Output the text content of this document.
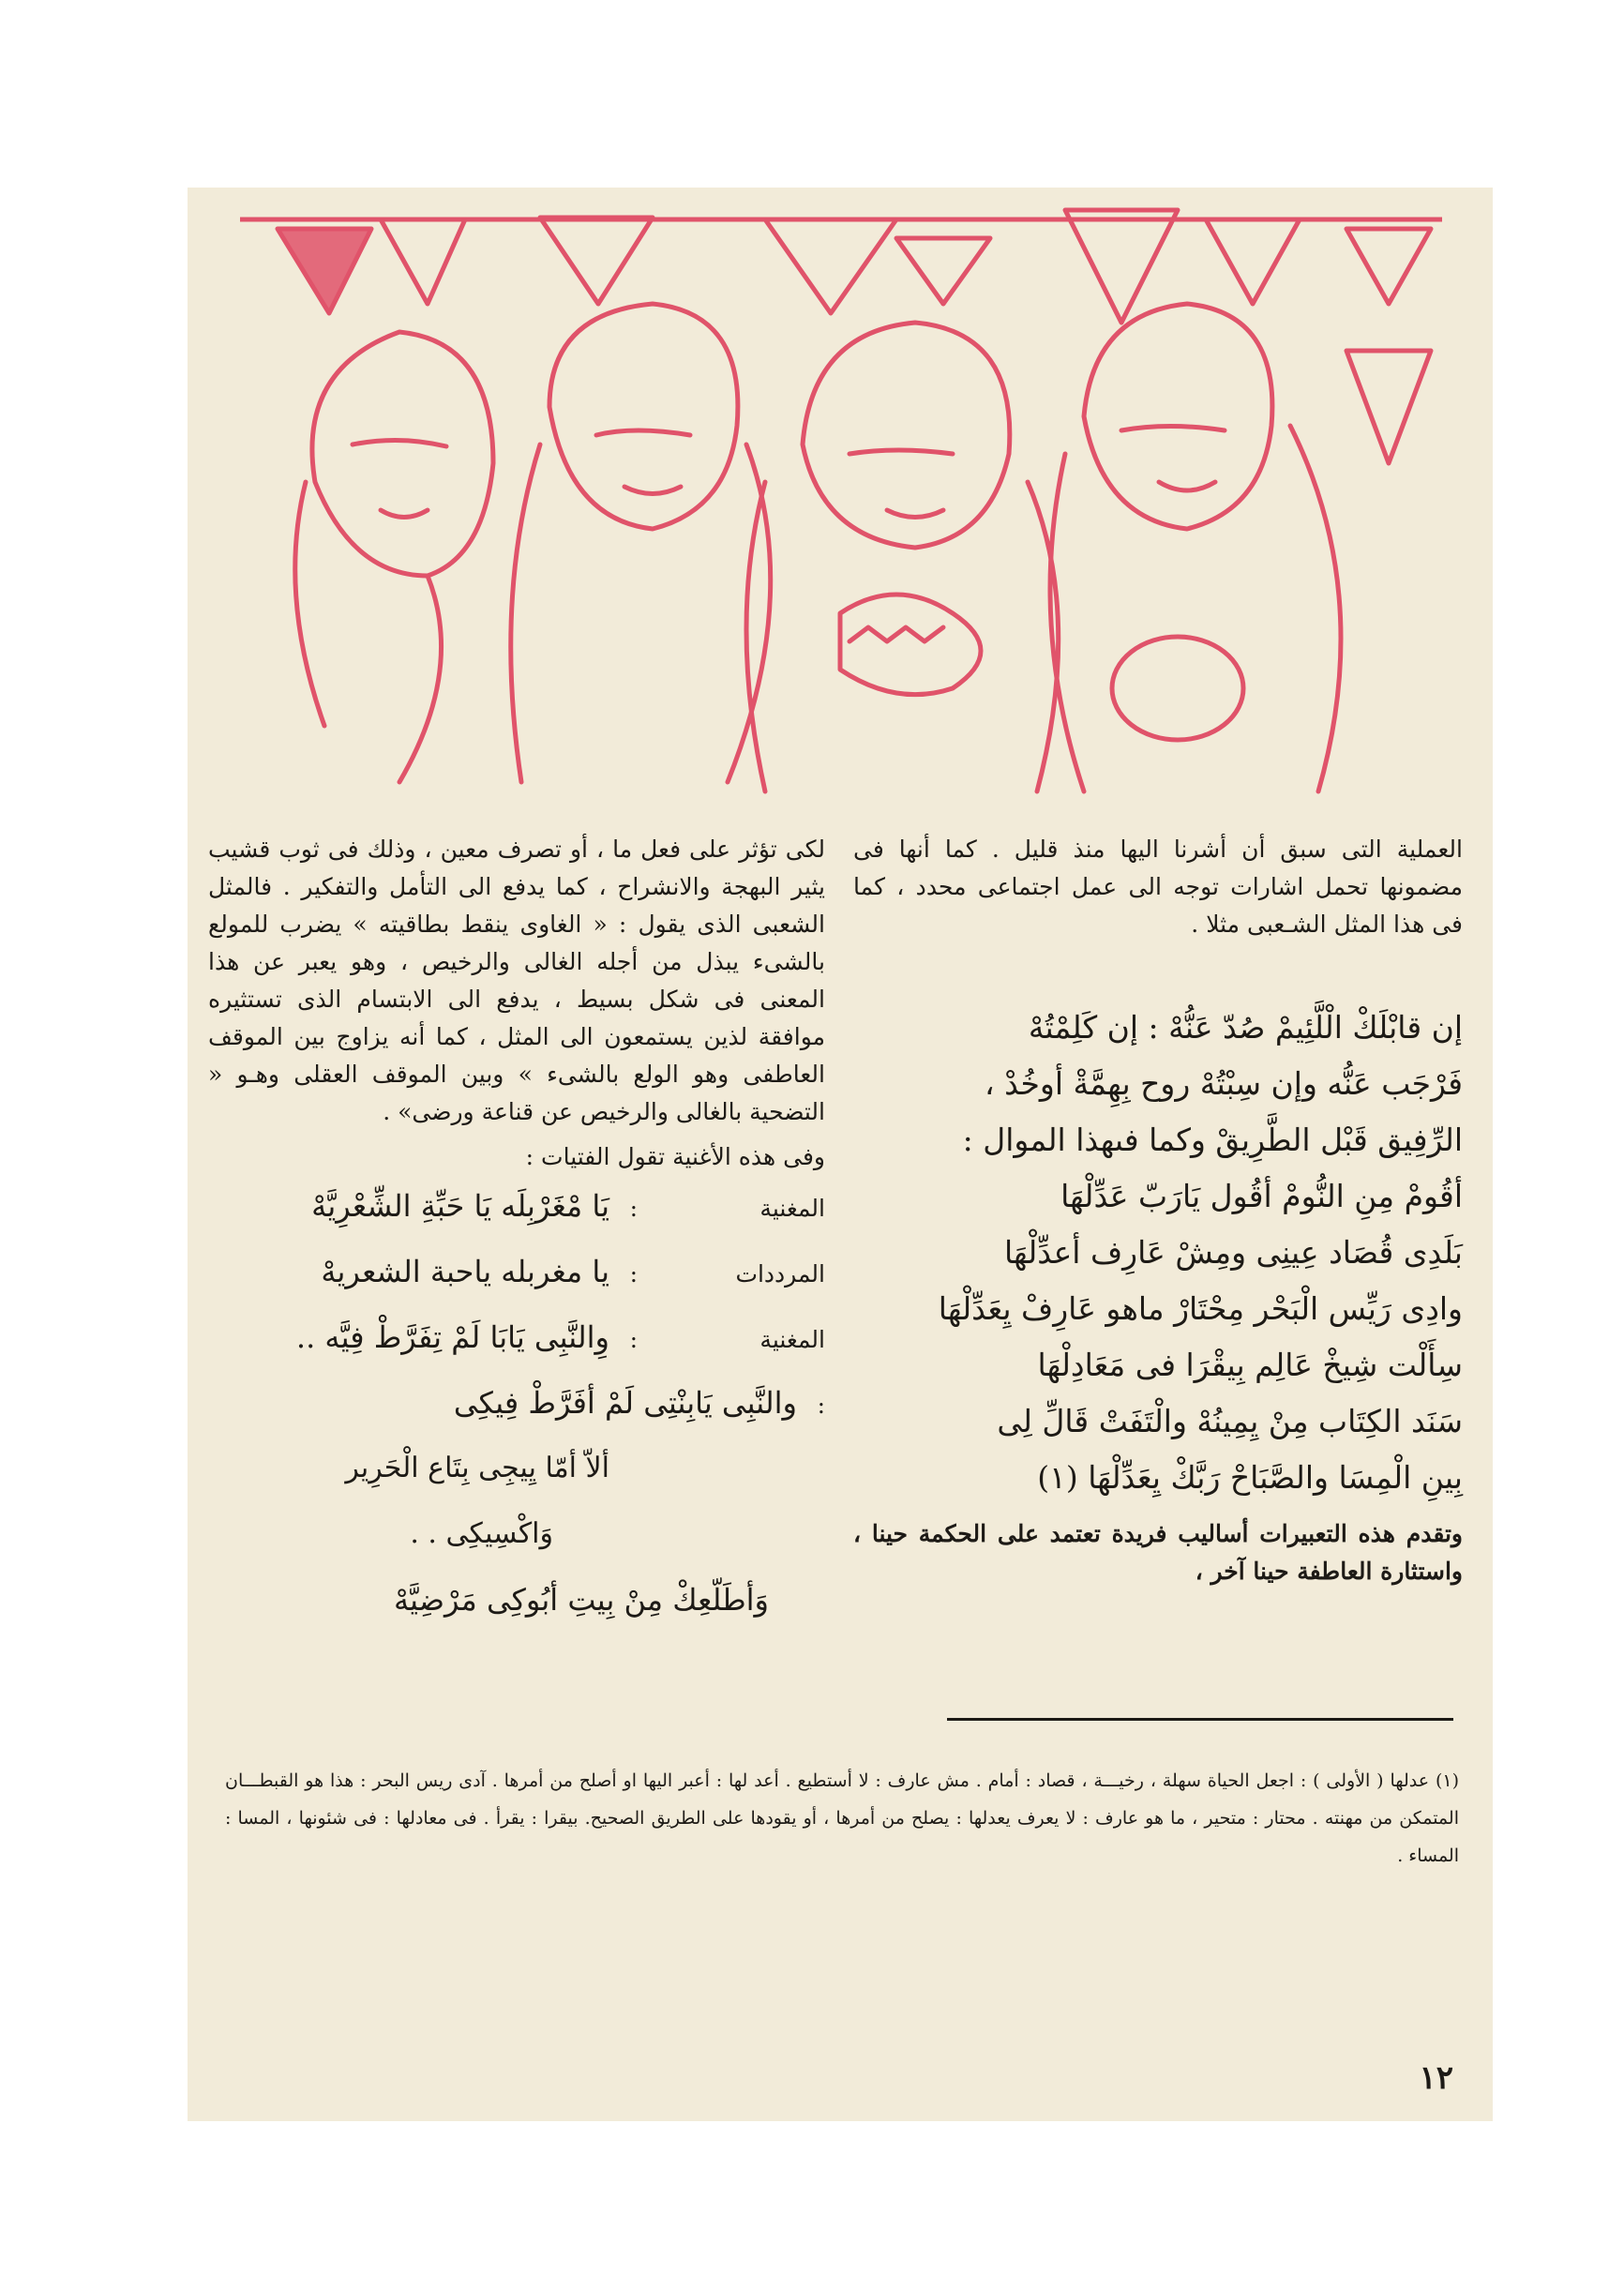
العملية التى سبق أن أشرنا اليها منذ قليل . كما أنها فى مضمونها تحمل اشارات توجه الى عمل اجتماعى محدد ، كما فى هذا المثل الشـعبى مثلا .

إن قابْلَكْ الْلَّئِيمْ صُدّ عَنُّهْ : إن كَلِمْتُهْ
فَرْجَب عَنُّه وإن سِبْتُهْ روح بِهِمَّةْ أوخُدْ ،
الرِّفِيق قَبْل الطَّرِيقْ وكما فىهذا الموال :
أقُومْ مِنِ النُّومْ أقُول يَارَبّ عَدِّلْهَا
بَلَدِى قُصَاد عِينِى ومِشْ عَارِف أعدِّلْهَا
وادِى رَيِّس الْبَحْر مِحْتَارْ ماهو عَارِفْ يِعَدِّلْهَا
سِأَلْت شِيخْ عَالِم بِيقْرَا فى مَعَادِلْهَا
سَنَد الكِتَاب مِنْ يِمِينُهْ والْتَفَتْ قَالِّ لِى
بِينِ الْمِسَا والصَّبَاحْ رَبَّكْ يِعَدِّلْهَا (١)

وتقدم هذه التعبيرات أساليب فريدة تعتمد على الحكمة حينا ، واستثارة العاطفة حينا آخر ،

لكى تؤثر على فعل ما ، أو تصرف معين ، وذلك فى ثوب قشيب يثير البهجة والانشراح ، كما يدفع الى التأمل والتفكير . فالمثل الشعبى الذى يقول : « الغاوى ينقط بطاقيته » يضرب للمولع بالشىء يبذل من أجله الغالى والرخيص ، وهو يعبر عن هذا المعنى فى شكل بسيط ، يدفع الى الابتسام الذى تستثيره موافقة لذين يستمعون الى المثل ، كما أنه يزاوج بين الموقف العاطفى وهو الولع بالشىء » وبين الموقف العقلى وهـو « التضحية بالغالى والرخيص عن قناعة ورضى» .

وفى هذه الأغنية تقول الفتيات :

المغنية
:
يَا مْغَرْبِلَه يَا حَبِّةِ الشِّعْرِيَّهْ
المرددات
:
يا مغربله ياحبة الشعريهْ
المغنية
:
وِالنَّبِى يَابَا لَمْ تِفَرَّطْ فِيَّه ..
:
والنَّبِى يَابِنْتِى لَمْ أفَرَّطْ فِيكِى
ألاّ أمّا يِيجِى بِتَاع الْحَرِير
وَاكْسِيكِى . .
وَأطَلّعِكْ مِنْ بِيتِ أبُوكِى مَرْضِيَّهْ

(١) عدلها ( الأولى ) : اجعل الحياة سهلة ، رخيـــة ، قصاد : أمام . مش عارف : لا أستطيع . أعد لها : أعبر اليها او أصلح من أمرها . آدى ريس البحر : هذا هو القبطـــان المتمكن من مهنته . محتار : متحير ، ما هو عارف : لا يعرف يعدلها : يصلح من أمرها ، أو يقودها على الطريق الصحيح. بيقرا : يقرأ . فى معادلها : فى شئونها ، المسا : المساء .

١٢
